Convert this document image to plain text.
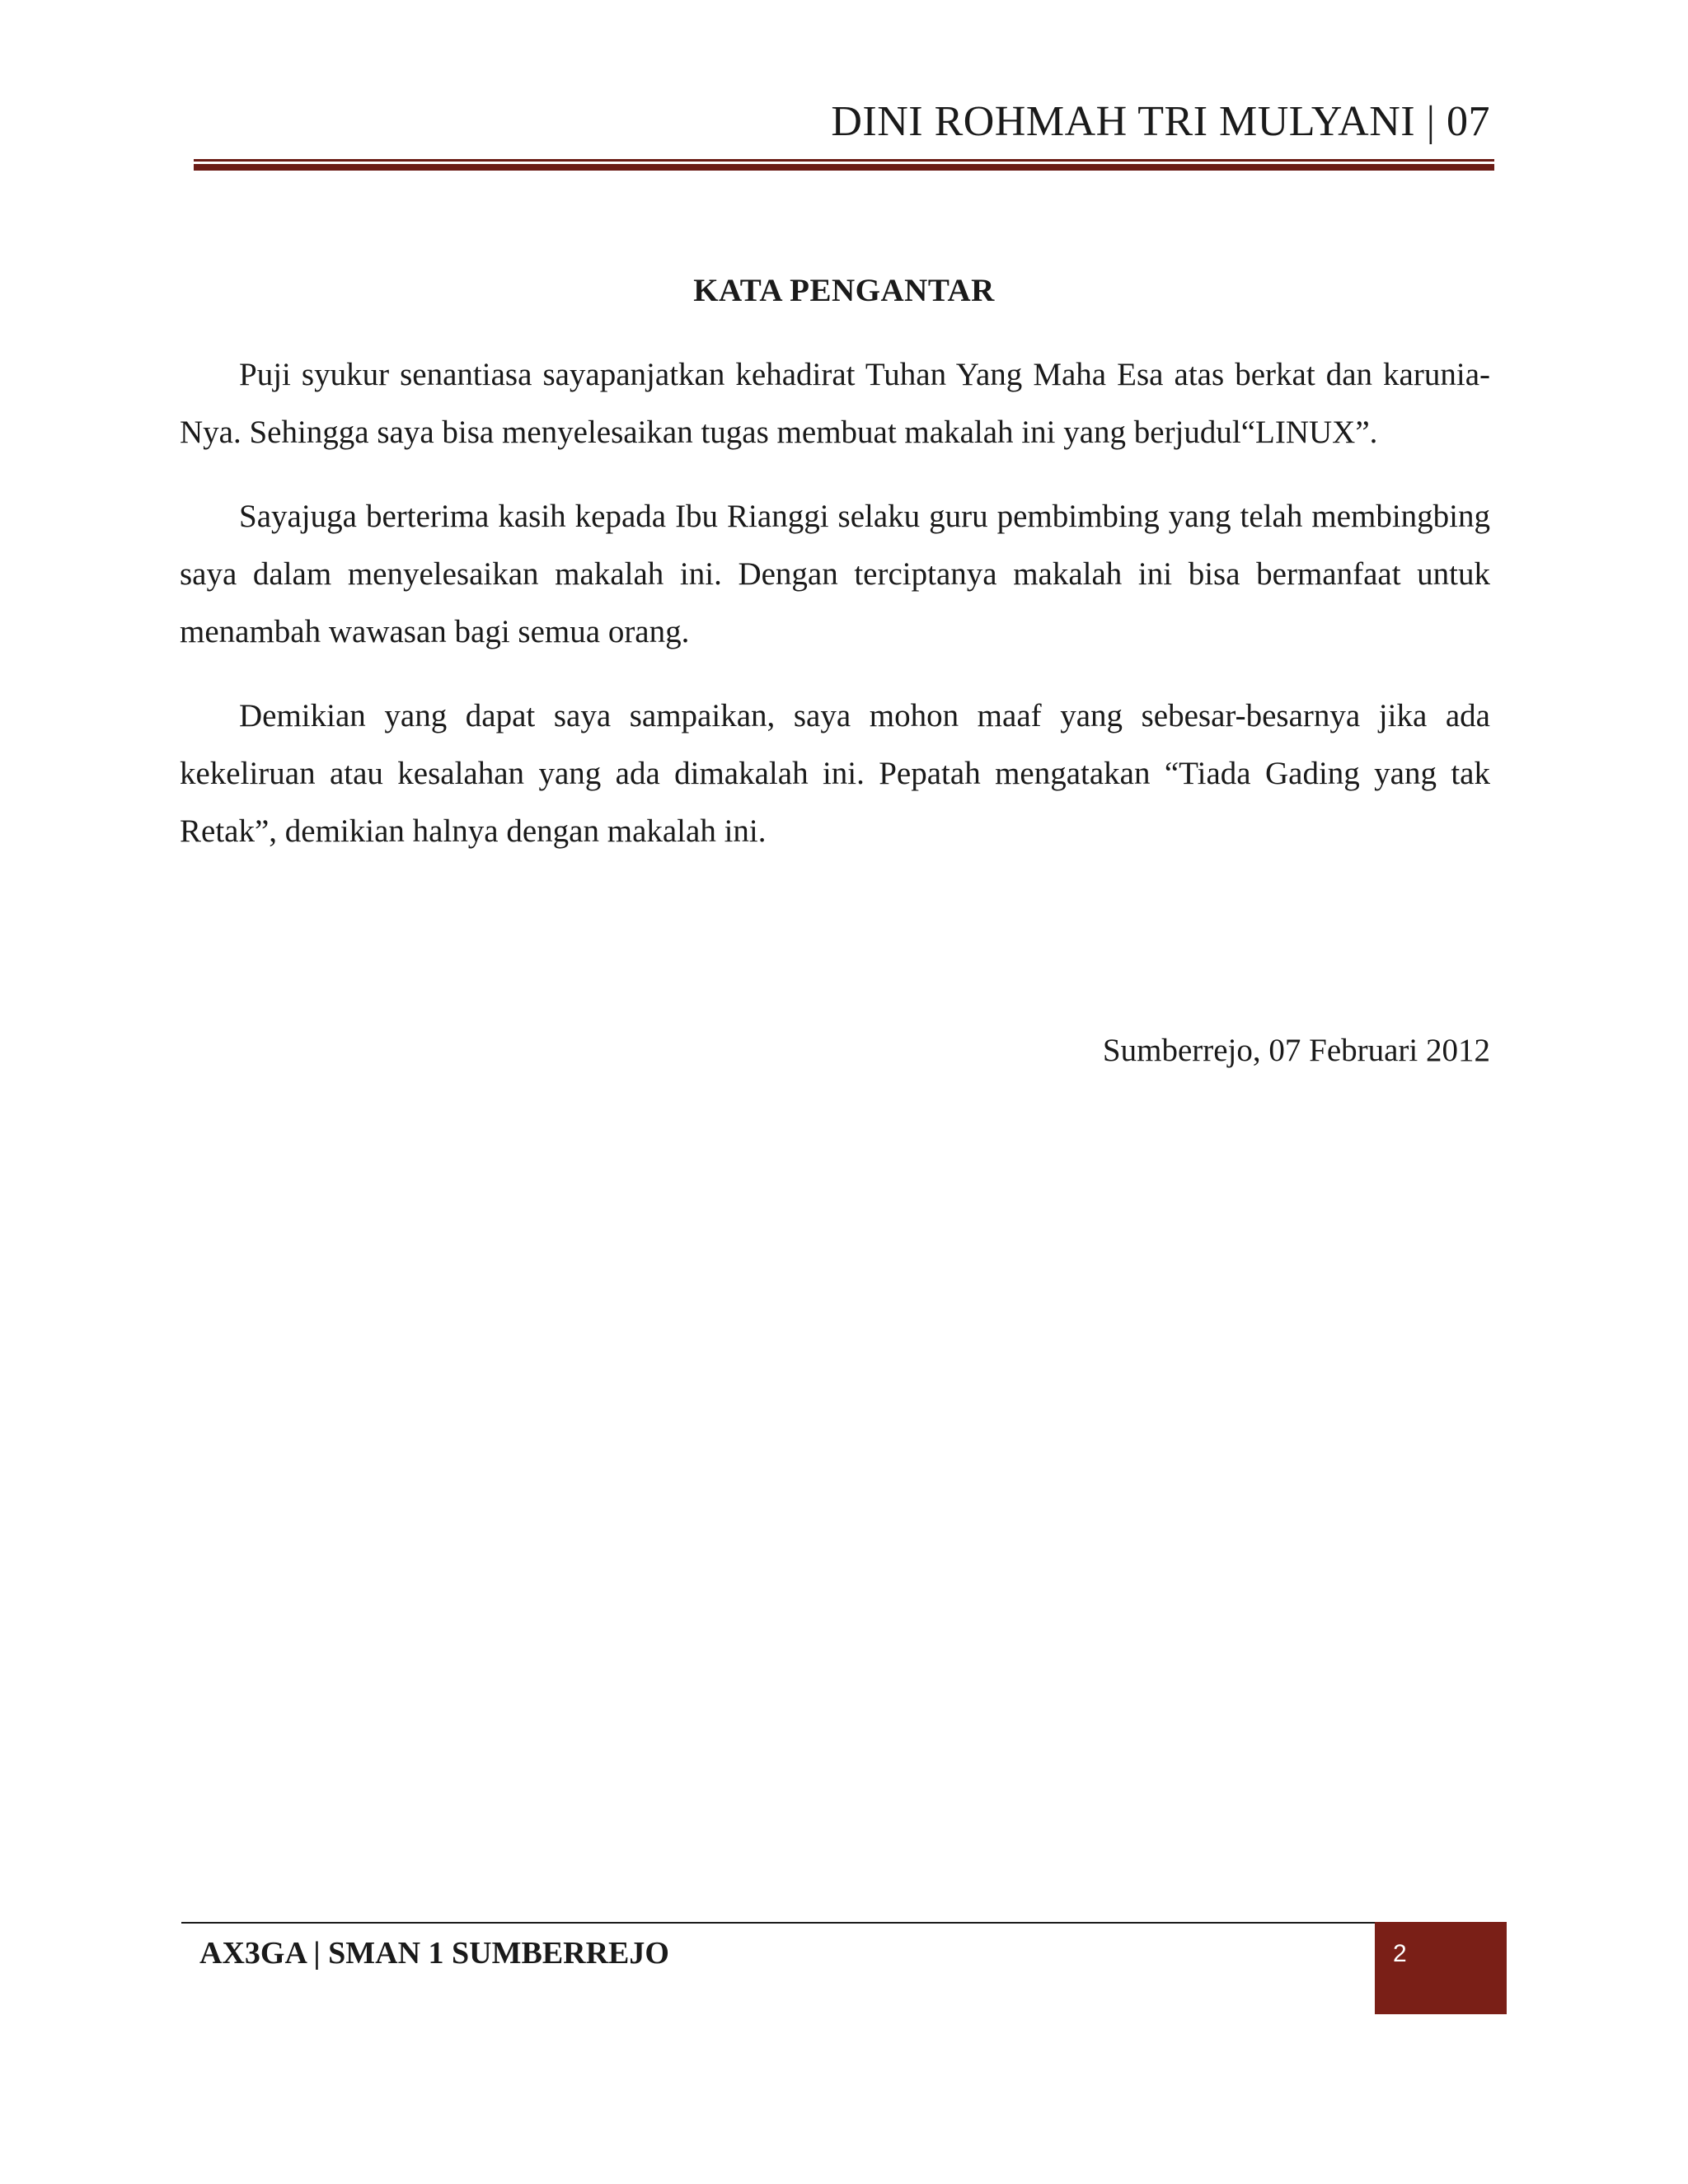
DINI ROHMAH TRI MULYANI | 07
KATA PENGANTAR

Puji syukur senantiasa sayapanjatkan kehadirat Tuhan Yang Maha Esa atas berkat dan karunia-Nya. Sehingga saya bisa menyelesaikan tugas membuat makalah ini yang berjudul“LINUX”.

Sayajuga berterima kasih kepada Ibu Rianggi selaku guru pembimbing yang telah membingbing saya dalam menyelesaikan makalah ini. Dengan terciptanya makalah ini bisa bermanfaat untuk menambah wawasan bagi semua orang.

Demikian yang dapat saya sampaikan, saya mohon maaf yang sebesar-besarnya jika ada kekeliruan atau kesalahan yang ada dimakalah ini. Pepatah mengatakan “Tiada Gading yang tak Retak”, demikian halnya dengan makalah ini.

Sumberrejo, 07 Februari 2012
AX3GA | SMAN 1 SUMBERREJO	2
